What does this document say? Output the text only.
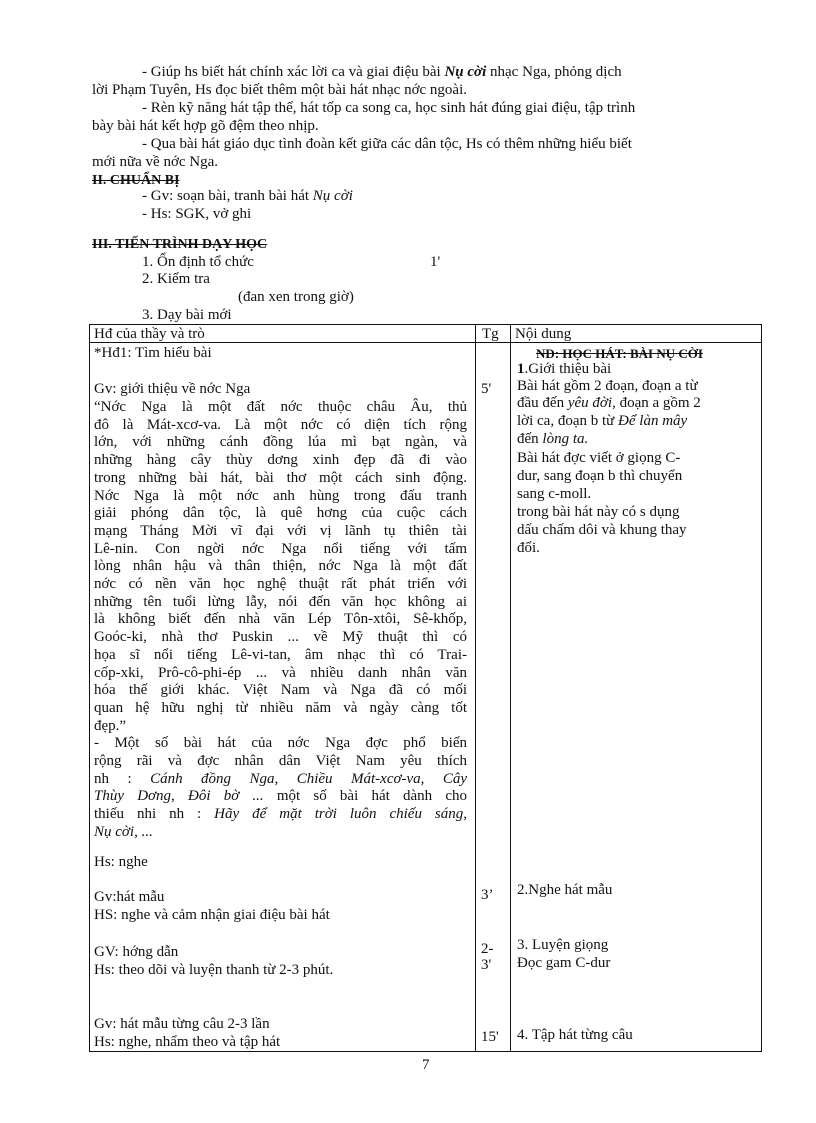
- Giúp hs biết hát chính xác lời ca và giai điệu bài Nụ cời nhạc Nga, phỏng dịch
lời Phạm Tuyên, Hs đọc biết thêm một bài hát nhạc nớc ngoài.
- Rèn kỹ năng hát tập thể, hát tốp ca song ca, học sinh hát đúng giai điệu, tập trình
bày bài hát kết hợp gõ đệm theo nhịp.
- Qua bài hát giáo dục tình đoàn kết giữa các dân tộc, Hs có thêm những hiểu biết
mới nữa về nớc Nga.
II. CHUẨN BỊ
- Gv: soạn bài, tranh bài hát Nụ cời
- Hs: SGK, vở ghi
III. TIẾN TRÌNH DẠY HỌC
1. Ổn định tổ chức	1'
2. Kiểm tra
(đan xen trong giờ)
3. Dạy bài mới
Hđ của thầy và trò	Tg Nội dung
*Hđ1: Tìm hiểu bài
Gv: giới thiệu về nớc Nga

“Nớc Nga là một đất nớc thuộc châu Âu, thủ

đô là Mát-xcơ-va. Là một nớc có diện tích rộng

lớn, với những cánh đồng lúa mì bạt ngàn, và

những hàng cây thùy dơng xinh đẹp đã đi vào

trong những bài hát, bài thơ một cách sinh động.

Nớc Nga là một nớc anh hùng trong đấu tranh

giải phóng dân tộc, là quê hơng của cuộc cách

mạng Tháng Mời vĩ đại với vị lãnh tụ thiên tài

Lê-nin. Con ngời nớc Nga nổi tiếng với tấm

lòng nhân hậu và thân thiện, nớc Nga là một đất

nớc có nền văn học nghệ thuật rất phát triển với

những tên tuổi lừng lẫy, nói đến văn học không ai

là không biết đến nhà văn Lép Tôn-xtôi, Sê-khốp,

Goóc-ki, nhà thơ Puskin ... về Mỹ thuật thì có

họa sĩ nổi tiếng Lê-vi-tan, âm nhạc thì có Trai-

cốp-xki, Prô-cô-phi-ép ... và nhiều danh nhân văn

hóa thế giới khác. Việt Nam và Nga đã có mối

quan hệ hữu nghị từ nhiều năm và ngày càng tốt

đẹp.”

- Một số bài hát của nớc Nga đợc phổ biến

rộng rãi và đợc nhân dân Việt Nam yêu thích

nh : Cánh đồng Nga, Chiều Mát-xcơ-va, Cây

Thùy Dơng, Đôi bờ ... một số bài hát dành cho

thiếu nhi nh : Hãy để mặt trời luôn chiếu sáng,

Nụ cời, ...

Hs: nghe
Gv:hát mẫu
HS: nghe và cảm nhận giai điệu bài hát
GV: hớng dẫn
Hs: theo dõi và luyện thanh từ 2-3 phút.
Gv: hát mẫu từng câu 2-3 lần
Hs: nghe, nhẩm theo và tập hát
5'
3’
2-
3'
15'
ND: HỌC HÁT: BÀI NỤ CỜI
1.Giới thiệu bài
Bài hát gồm 2 đoạn, đoạn a từ
đầu đến yêu đời, đoạn a gồm 2
lời ca, đoạn b từ Để làn mây
đến lòng ta.
Bài hát đợc viết ở giọng C-
dur, sang đoạn b thì chuyển
sang c-moll.
trong bài hát này có s dụng
dấu chấm dôi và khung thay
đổi.
2.Nghe hát mẫu
3. Luyện giọng
Đọc gam C-dur
4. Tập hát từng câu
7
